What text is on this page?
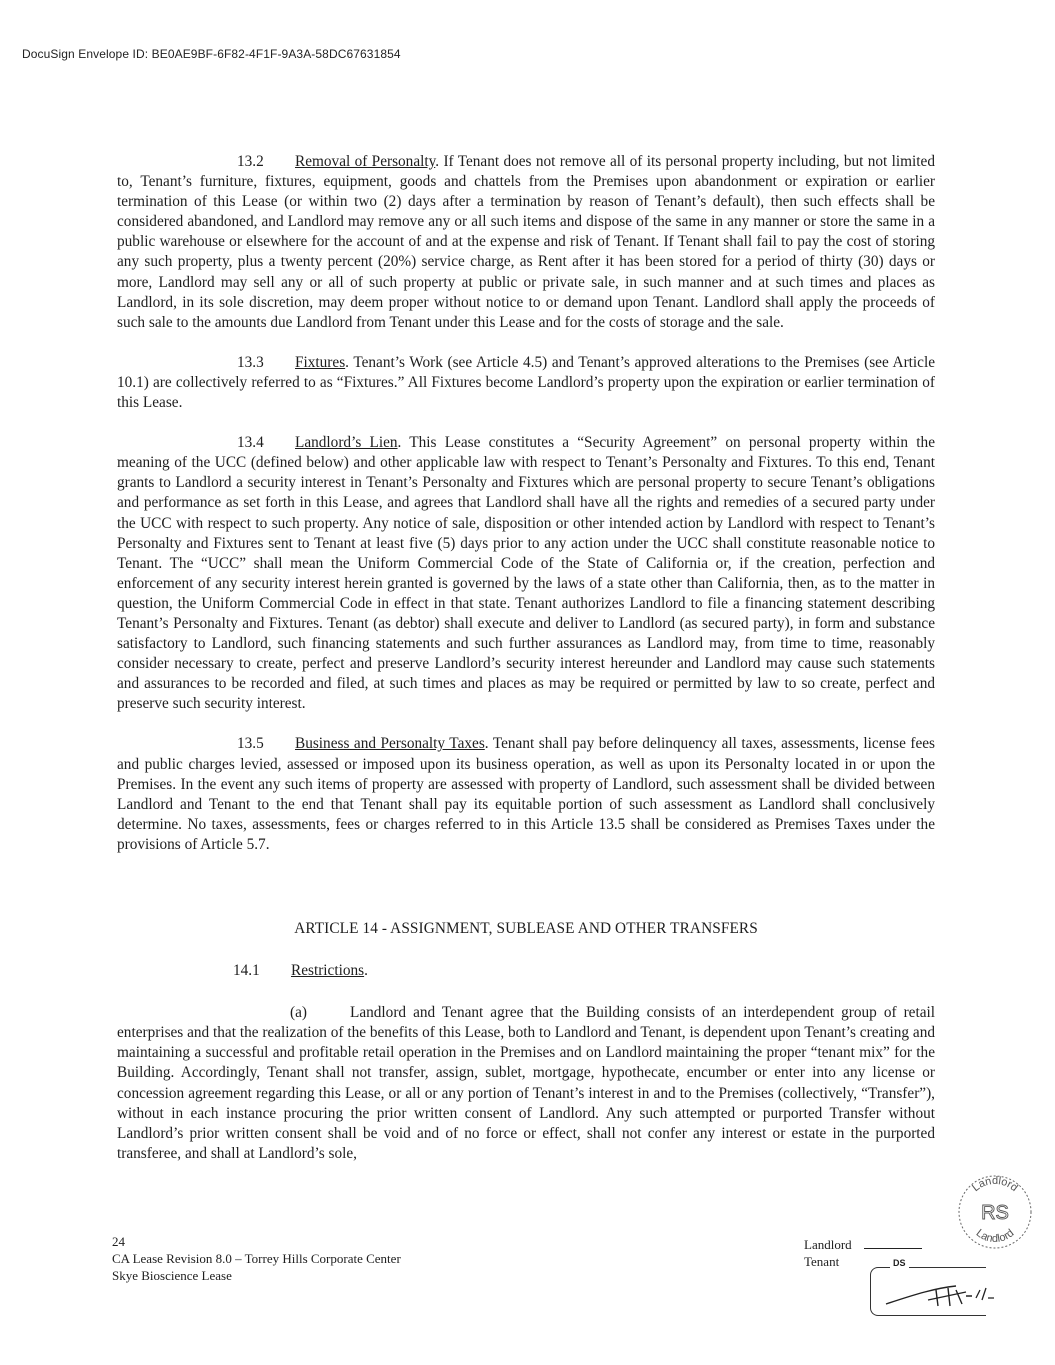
DocuSign Envelope ID: BE0AE9BF-6F82-4F1F-9A3A-58DC67631854

13.2 Removal of Personalty. If Tenant does not remove all of its personal property including, but not limited to, Tenant’s furniture, fixtures, equipment, goods and chattels from the Premises upon abandonment or expiration or earlier termination of this Lease (or within two (2) days after a termination by reason of Tenant’s default), then such effects shall be considered abandoned, and Landlord may remove any or all such items and dispose of the same in any manner or store the same in a public warehouse or elsewhere for the account of and at the expense and risk of Tenant. If Tenant shall fail to pay the cost of storing any such property, plus a twenty percent (20%) service charge, as Rent after it has been stored for a period of thirty (30) days or more, Landlord may sell any or all of such property at public or private sale, in such manner and at such times and places as Landlord, in its sole discretion, may deem proper without notice to or demand upon Tenant. Landlord shall apply the proceeds of such sale to the amounts due Landlord from Tenant under this Lease and for the costs of storage and the sale.

13.3 Fixtures. Tenant’s Work (see Article 4.5) and Tenant’s approved alterations to the Premises (see Article 10.1) are collectively referred to as “Fixtures.” All Fixtures become Landlord’s property upon the expiration or earlier termination of this Lease.

13.4 Landlord’s Lien. This Lease constitutes a “Security Agreement” on personal property within the meaning of the UCC (defined below) and other applicable law with respect to Tenant’s Personalty and Fixtures. To this end, Tenant grants to Landlord a security interest in Tenant’s Personalty and Fixtures which are personal property to secure Tenant’s obligations and performance as set forth in this Lease, and agrees that Landlord shall have all the rights and remedies of a secured party under the UCC with respect to such property. Any notice of sale, disposition or other intended action by Landlord with respect to Tenant’s Personalty and Fixtures sent to Tenant at least five (5) days prior to any action under the UCC shall constitute reasonable notice to Tenant. The “UCC” shall mean the Uniform Commercial Code of the State of California or, if the creation, perfection and enforcement of any security interest herein granted is governed by the laws of a state other than California, then, as to the matter in question, the Uniform Commercial Code in effect in that state. Tenant authorizes Landlord to file a financing statement describing Tenant’s Personalty and Fixtures. Tenant (as debtor) shall execute and deliver to Landlord (as secured party), in form and substance satisfactory to Landlord, such financing statements and such further assurances as Landlord may, from time to time, reasonably consider necessary to create, perfect and preserve Landlord’s security interest hereunder and Landlord may cause such statements and assurances to be recorded and filed, at such times and places as may be required or permitted by law to so create, perfect and preserve such security interest.

13.5 Business and Personalty Taxes. Tenant shall pay before delinquency all taxes, assessments, license fees and public charges levied, assessed or imposed upon its business operation, as well as upon its Personalty located in or upon the Premises. In the event any such items of property are assessed with property of Landlord, such assessment shall be divided between Landlord and Tenant to the end that Tenant shall pay its equitable portion of such assessment as Landlord shall conclusively determine. No taxes, assessments, fees or charges referred to in this Article 13.5 shall be considered as Premises Taxes under the provisions of Article 5.7.

ARTICLE 14 - ASSIGNMENT, SUBLEASE AND OTHER TRANSFERS
14.1 Restrictions.

(a)	Landlord and Tenant agree that the Building consists of an interdependent group of retail enterprises and that the realization of the benefits of this Lease, both to Landlord and Tenant, is dependent upon Tenant’s creating and maintaining a successful and profitable retail operation in the Premises and on Landlord maintaining the proper “tenant mix” for the Building. Accordingly, Tenant shall not transfer, assign, sublet, mortgage, hypothecate, encumber or enter into any license or concession agreement regarding this Lease, or all or any portion of Tenant’s interest in and to the Premises (collectively, “Transfer”), without in each instance procuring the prior written consent of Landlord. Any such attempted or purported Transfer without Landlord’s prior written consent shall be void and of no force or effect, shall not confer any interest or estate in the purported transferee, and shall at Landlord’s sole,

24
CA Lease Revision 8.0 – Torrey Hills Corporate Center
Skye Bioscience Lease
Landlord
Tenant	DS
Landlord
RS
Landlord
